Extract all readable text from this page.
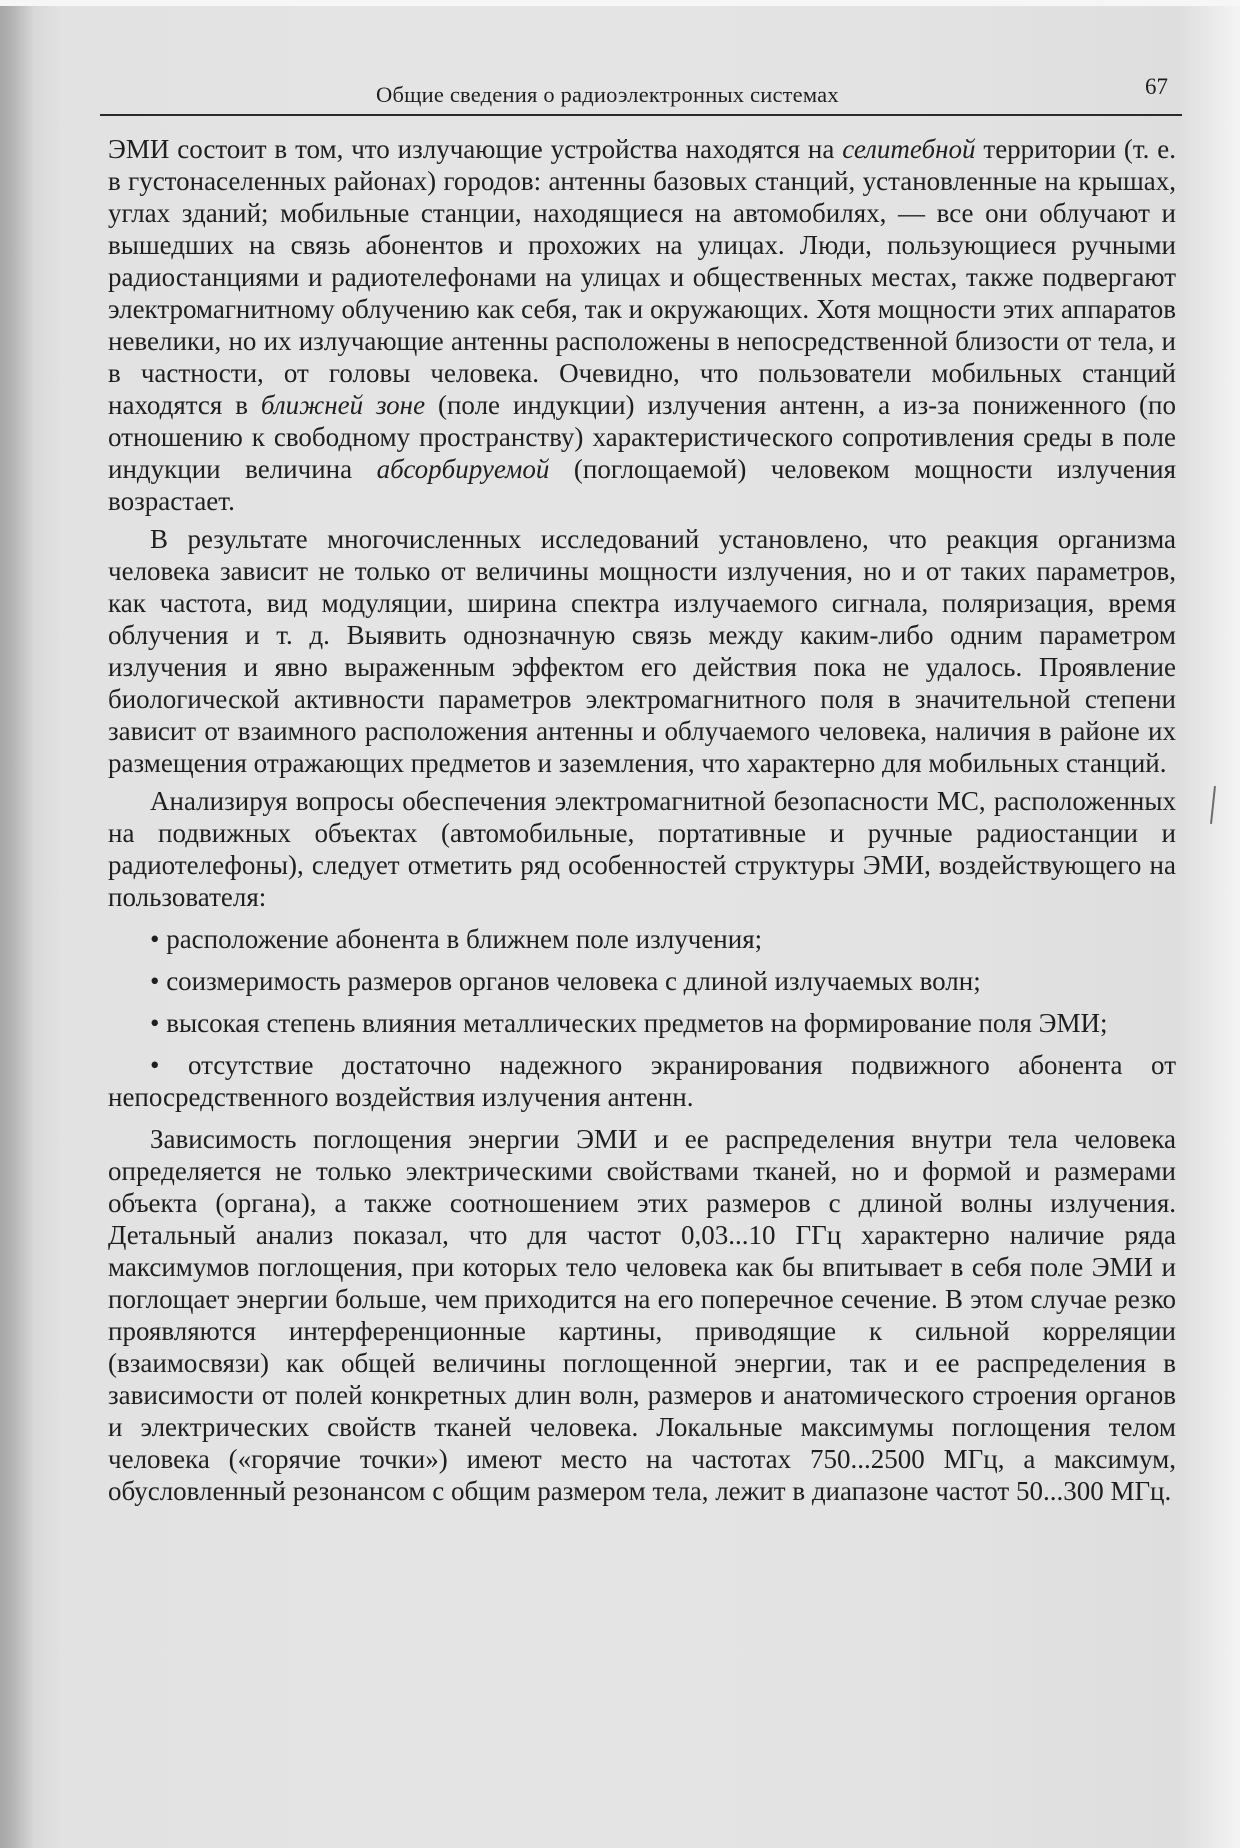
Общие сведения о радиоэлектронных системах	67

ЭМИ состоит в том, что излучающие устройства находятся на селитебной территории (т. е. в густонаселенных районах) городов: антенны базовых станций, установленные на крышах, углах зданий; мобильные станции, находящиеся на автомобилях, — все они облучают и вышедших на связь абонентов и прохожих на улицах. Люди, пользующиеся ручными радиостанциями и радиотелефонами на улицах и общественных местах, также подвергают электромагнитному облучению как себя, так и окружающих. Хотя мощности этих аппаратов невелики, но их излучающие антенны расположены в непосредственной близости от тела, и в частности, от головы человека. Очевидно, что пользователи мобильных станций находятся в ближней зоне (поле индукции) излучения антенн, а из-за пониженного (по отношению к свободному пространству) характеристического сопротивления среды в поле индукции величина абсорбируемой (поглощаемой) человеком мощности излучения возрастает.

В результате многочисленных исследований установлено, что реакция организма человека зависит не только от величины мощности излучения, но и от таких параметров, как частота, вид модуляции, ширина спектра излучаемого сигнала, поляризация, время облучения и т. д. Выявить однозначную связь между каким-либо одним параметром излучения и явно выраженным эффектом его действия пока не удалось. Проявление биологической активности параметров электромагнитного поля в значительной степени зависит от взаимного расположения антенны и облучаемого человека, наличия в районе их размещения отражающих предметов и заземления, что характерно для мобильных станций.

Анализируя вопросы обеспечения электромагнитной безопасности МС, расположенных на подвижных объектах (автомобильные, портативные и ручные радиостанции и радиотелефоны), следует отметить ряд особенностей структуры ЭМИ, воздействующего на пользователя:

• расположение абонента в ближнем поле излучения;

• соизмеримость размеров органов человека с длиной излучаемых волн;

• высокая степень влияния металлических предметов на формирование поля ЭМИ;

• отсутствие достаточно надежного экранирования подвижного абонента от непосредственного воздействия излучения антенн.

Зависимость поглощения энергии ЭМИ и ее распределения внутри тела человека определяется не только электрическими свойствами тканей, но и формой и размерами объекта (органа), а также соотношением этих размеров с длиной волны излучения. Детальный анализ показал, что для частот 0,03...10 ГГц характерно наличие ряда максимумов поглощения, при которых тело человека как бы впитывает в себя поле ЭМИ и поглощает энергии больше, чем приходится на его поперечное сечение. В этом случае резко проявляются интерференционные картины, приводящие к сильной корреляции (взаимосвязи) как общей величины поглощенной энергии, так и ее распределения в зависимости от полей конкретных длин волн, размеров и анатомического строения органов и электрических свойств тканей человека. Локальные максимумы поглощения телом человека («горячие точки») имеют место на частотах 750...2500 МГц, а максимум, обусловленный резонансом с общим размером тела, лежит в диапазоне частот 50...300 МГц.
